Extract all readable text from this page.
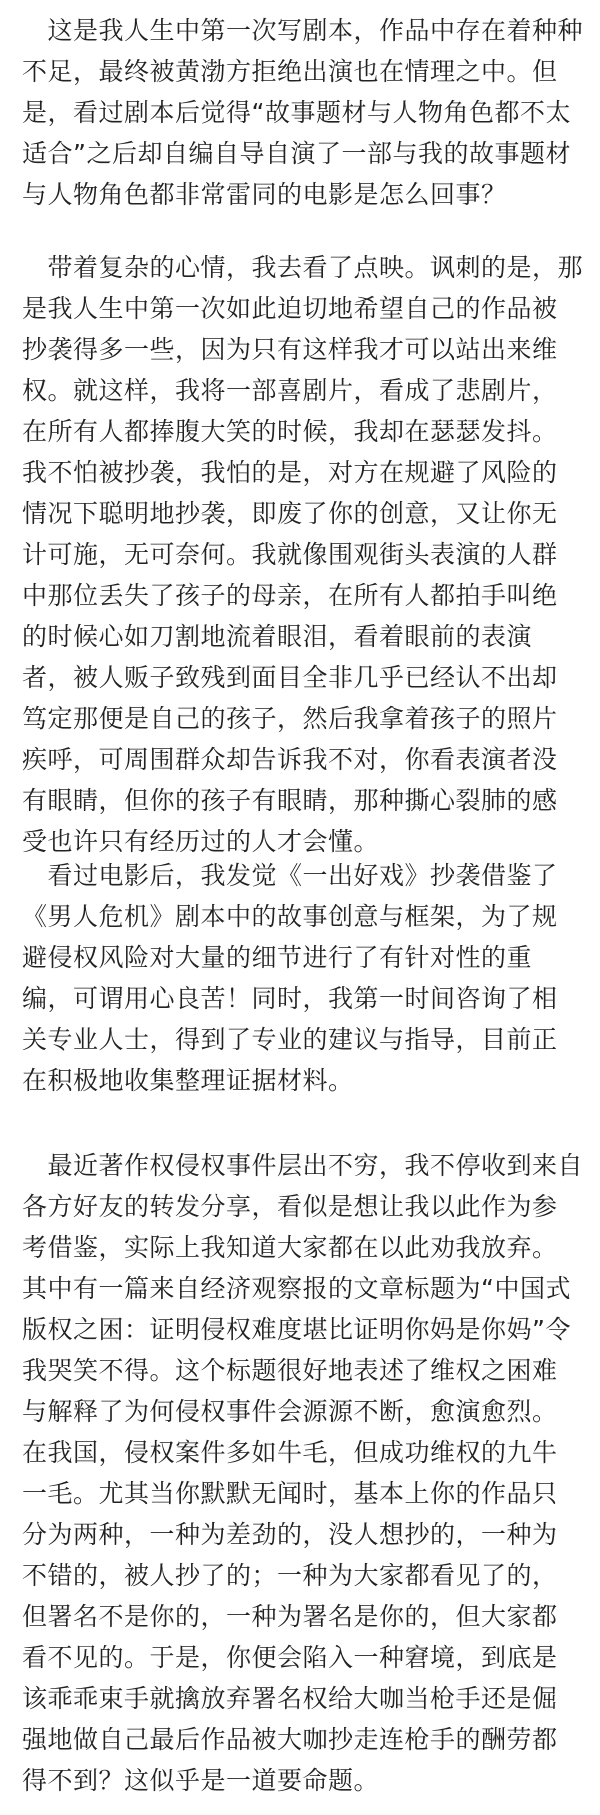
　这是我人生中第一次写剧本，作品中存在着种种
不足，最终被黄渤方拒绝出演也在情理之中。但
是，看过剧本后觉得“故事题材与人物角色都不太
适合”之后却自编自导自演了一部与我的故事题材
与人物角色都非常雷同的电影是怎么回事？
　带着复杂的心情，我去看了点映。讽刺的是，那
是我人生中第一次如此迫切地希望自己的作品被
抄袭得多一些，因为只有这样我才可以站出来维
权。就这样，我将一部喜剧片，看成了悲剧片，
在所有人都捧腹大笑的时候，我却在瑟瑟发抖。
我不怕被抄袭，我怕的是，对方在规避了风险的
情况下聪明地抄袭，即废了你的创意，又让你无
计可施，无可奈何。我就像围观街头表演的人群
中那位丢失了孩子的母亲，在所有人都拍手叫绝
的时候心如刀割地流着眼泪，看着眼前的表演
者，被人贩子致残到面目全非几乎已经认不出却
笃定那便是自己的孩子，然后我拿着孩子的照片
疾呼，可周围群众却告诉我不对，你看表演者没
有眼睛，但你的孩子有眼睛，那种撕心裂肺的感
受也许只有经历过的人才会懂。
　看过电影后，我发觉《一出好戏》抄袭借鉴了
《男人危机》剧本中的故事创意与框架，为了规
避侵权风险对大量的细节进行了有针对性的重
编，可谓用心良苦！同时，我第一时间咨询了相
关专业人士，得到了专业的建议与指导，目前正
在积极地收集整理证据材料。
　最近著作权侵权事件层出不穷，我不停收到来自
各方好友的转发分享，看似是想让我以此作为参
考借鉴，实际上我知道大家都在以此劝我放弃。
其中有一篇来自经济观察报的文章标题为“中国式
版权之困：证明侵权难度堪比证明你妈是你妈”令
我哭笑不得。这个标题很好地表述了维权之困难
与解释了为何侵权事件会源源不断，愈演愈烈。
在我国，侵权案件多如牛毛，但成功维权的九牛
一毛。尤其当你默默无闻时，基本上你的作品只
分为两种，一种为差劲的，没人想抄的，一种为
不错的，被人抄了的；一种为大家都看见了的，
但署名不是你的，一种为署名是你的，但大家都
看不见的。于是，你便会陷入一种窘境，到底是
该乖乖束手就擒放弃署名权给大咖当枪手还是倔
强地做自己最后作品被大咖抄走连枪手的酬劳都
得不到？这似乎是一道要命题。
